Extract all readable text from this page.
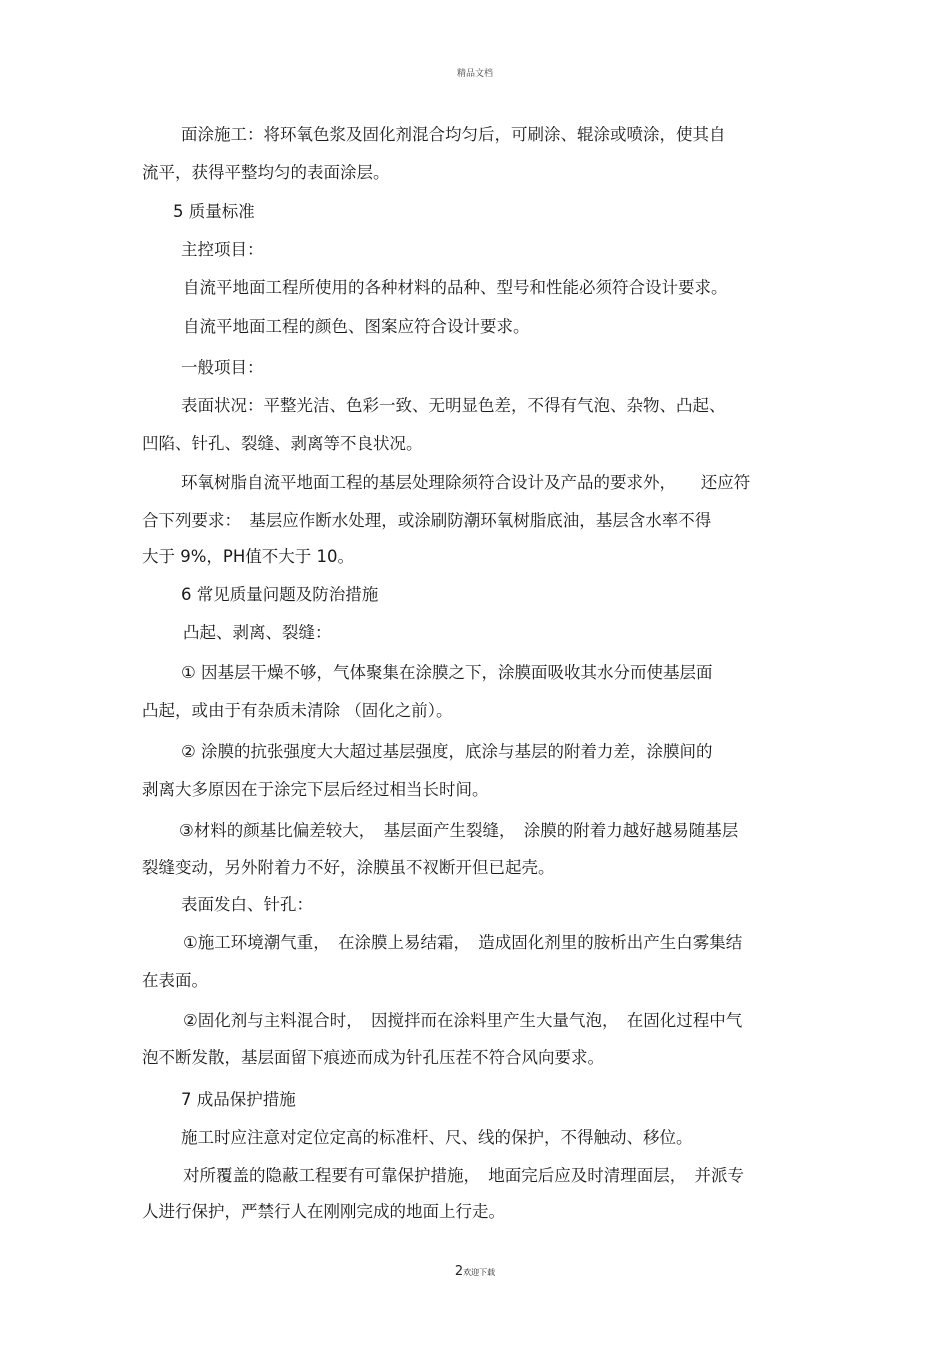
精品文档
面涂施工：将环氧色浆及固化剂混合均匀后，可刷涂、辊涂或喷涂，使其自
流平，获得平整均匀的表面涂层。
5 质量标准
主控项目：
自流平地面工程所使用的各种材料的品种、型号和性能必须符合设计要求。
自流平地面工程的颜色、图案应符合设计要求。
一般项目：
表面状况：平整光洁、色彩一致、无明显色差，不得有气泡、杂物、凸起、
凹陷、针孔、裂缝、剥离等不良状况。
环氧树脂自流平地面工程的基层处理除须符合设计及产品的要求外，　　还应符
合下列要求：　基层应作断水处理，或涂刷防潮环氧树脂底油，基层含水率不得
大于 9%，PH值不大于 10。
6 常见质量问题及防治措施
凸起、剥离、裂缝：
① 因基层干燥不够，气体聚集在涂膜之下，涂膜面吸收其水分而使基层面
凸起，或由于有杂质未清除 （固化之前）。
② 涂膜的抗张强度大大超过基层强度，底涂与基层的附着力差，涂膜间的
剥离大多原因在于涂完下层后经过相当长时间。
③材料的颜基比偏差较大，　基层面产生裂缝，　涂膜的附着力越好越易随基层
裂缝变动，另外附着力不好，涂膜虽不衩断开但已起壳。
表面发白、针孔：
①施工环境潮气重，　在涂膜上易结霜，　造成固化剂里的胺析出产生白雾集结
在表面。
②固化剂与主料混合时，　因搅拌而在涂料里产生大量气泡，　在固化过程中气
泡不断发散，基层面留下痕迹而成为针孔压茬不符合风向要求。
7 成品保护措施
施工时应注意对定位定高的标准杆、尺、线的保护，不得触动、移位。
对所覆盖的隐蔽工程要有可靠保护措施，　地面完后应及时清理面层，　并派专
人进行保护，严禁行人在刚刚完成的地面上行走。
2欢迎下载
